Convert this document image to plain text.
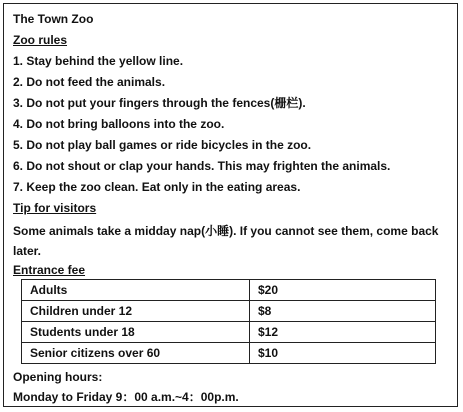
The Town Zoo
Zoo rules
1. Stay behind the yellow line.
2. Do not feed the animals.
3. Do not put your fingers through the fences(栅栏).
4. Do not bring balloons into the zoo.
5. Do not play ball games or ride bicycles in the zoo.
6. Do not shout or clap your hands. This may frighten the animals.
7. Keep the zoo clean. Eat only in the eating areas.
Tip for visitors
Some animals take a midday nap(小睡). If you cannot see them, come back later.
Entrance fee
Adults	$20
Children under 12	$8
Students under 18	$12
Senior citizens over 60	$10
Opening hours:
Monday to Friday 9：00 a.m.~4：00p.m.
